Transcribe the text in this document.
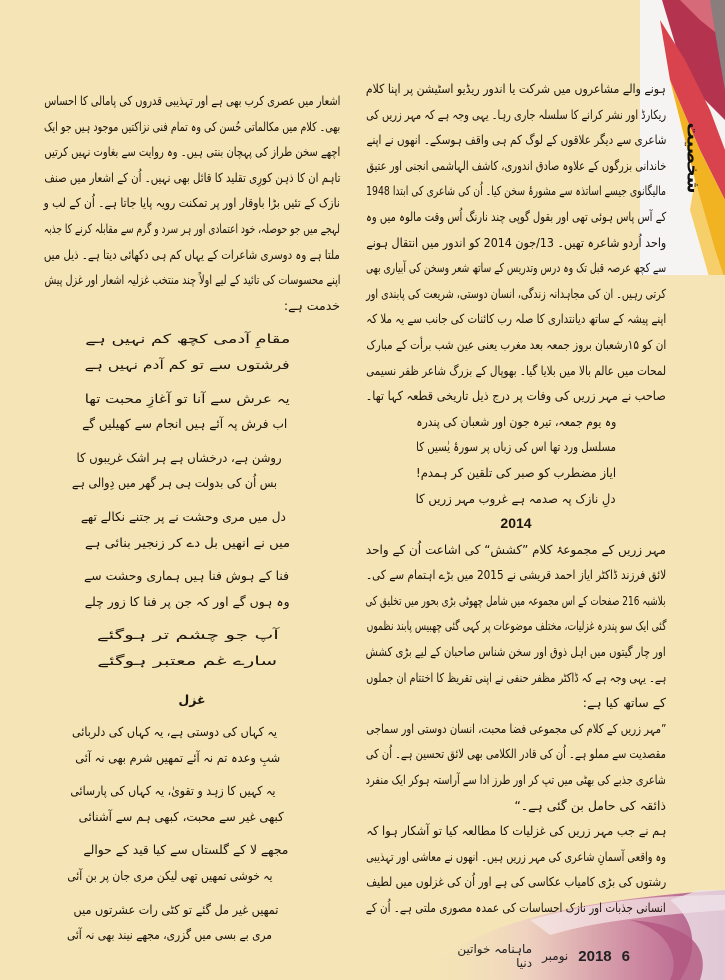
شخصیت
ہونے والے مشاعروں میں شرکت یا اندور ریڈیو اسٹیشن پر اپنا کلام
ریکارڈ اور نشر کرانے کا سلسلہ جاری رہا۔ یہی وجہ ہے کہ مہر زریں کی
شاعری سے دیگر علاقوں کے لوگ کم ہی واقف ہوسکے۔ انھوں نے اپنے
خاندانی بزرگوں کے علاوہ صادق اندوری، کاشف الہاشمی انجنی اور عتیق
مالیگانوی جیسے اساتذہ سے مشورۂ سخن کیا۔ اُن کی شاعری کی ابتدا 1948
کے آس پاس ہوئی تھی اور بقول گوپی چند نارنگ اُس وقت مالوہ میں وہ
واحد اُردو شاعرہ تھیں۔ 13/جون 2014 کو اندور میں انتقال ہونے
سے کچھ عرصہ قبل تک وہ درس وتدریس کے ساتھ شعر وسخن کی آبیاری بھی
کرتی رہیں۔ ان کی مجاہدانہ زندگی، انسان دوستی، شریعت کی پابندی اور
اپنے پیشہ کے ساتھ دیانتداری کا صلہ رب کائنات کی جانب سے یہ ملا کہ
ان کو ۱۵رشعبان بروز جمعہ بعد مغرب یعنی عین شب برأت کے مبارک
لمحات میں عالم بالا میں بلایا گیا۔ بھوپال کے بزرگ شاعر ظفر نسیمی
صاحب نے مہر زریں کی وفات پر درج ذیل تاریخی قطعہ کہا تھا۔
وہ یوم جمعہ، تیرہ جون اور شعبان کی پندرہ
مسلسل ورد تھا اس کی زباں پر سورۂ یٰسیں کا
ایاز مضطرب کو صبر کی تلقین کر ہمدم!
دلِ نازک پہ صدمہ ہے غروب مہر زریں کا
2014
مہر زریں کے مجموعۂ کلام ”کشش“ کی اشاعت اُن کے واحد
لائق فرزند ڈاکٹر ایاز احمد قریشی نے 2015 میں بڑے اہتمام سے کی۔
بلاشبہ 216 صفحات کے اس مجموعہ میں شامل چھوٹی بڑی بحور میں تخلیق کی
گئی ایک سو پندرہ غزلیات، مختلف موضوعات پر کہی گئی چھبیس پابند نظموں
اور چار گیتوں میں اہل ذوق اور سخن شناس صاحبان کے لیے بڑی کشش
ہے۔ یہی وجہ ہے کہ ڈاکٹر مظفر حنفی نے اپنی تقریظ کا اختتام ان جملوں
کے ساتھ کیا ہے:
”مہر زریں کے کلام کی مجموعی فضا محبت، انسان دوستی اور سماجی
مقصدیت سے مملو ہے۔ اُن کی قادر الکلامی بھی لائق تحسین ہے۔ اُن کی
شاعری جذبے کی بھٹی میں تپ کر اور طرز ادا سے آراستہ ہوکر ایک منفرد
ذائقہ کی حامل بن گئی ہے۔“
ہم نے جب مہر زریں کی غزلیات کا مطالعہ کیا تو آشکار ہوا کہ
وہ واقعی آسمانِ شاعری کی مہر زریں ہیں۔ انھوں نے معاشی اور تہذیبی
رشتوں کی بڑی کامیاب عکاسی کی ہے اور اُن کی غزلوں میں لطیف
انسانی جذبات اور نازک احساسات کی عمدہ مصوری ملتی ہے۔ اُن کے
اشعار میں عصری کرب بھی ہے اور تہذیبی قدروں کی پامالی کا احساس
بھی۔ کلام میں مکالماتی حُسن کی وہ تمام فنی نزاکتیں موجود ہیں جو ایک
اچھے سخن طراز کی پہچان بنتی ہیں۔ وہ روایت سے بغاوت نہیں کرتیں
تاہم ان کا ذہن کورِی تقلید کا قائل بھی نہیں۔ اُن کے اشعار میں صنف
نازک کے تئیں بڑا باوقار اور پر تمکنت رویہ پایا جاتا ہے۔ اُن کے لب و
لہجے میں جو حوصلہ، خود اعتمادی اور ہر سرد و گرم سے مقابلہ کرنے کا جذبہ
ملتا ہے وہ دوسری شاعرات کے یہاں کم ہی دکھائی دیتا ہے۔ ذیل میں
اپنے محسوسات کی تائید کے لیے اولاً چند منتخب غزلیہ اشعار اور غزل پیش
خدمت ہے:
مقامِ آدمی کچھ کم نہیں ہے
فرشتوں سے تو کم آدم نہیں ہے
یہ عرش سے آنا تو آغازِ محبت تھا
اب فرش پہ آئے ہیں انجام سے کھیلیں گے
روشن ہے، درخشاں ہے ہر اشک غریبوں کا
بس اُن کی بدولت ہی ہر گھر میں دِوالی ہے
دل میں مری وحشت نے پر جتنے نکالے تھے
میں نے انھیں بل دے کر زنجیر بنائی ہے
فنا کے ہوش فنا ہیں ہماری وحشت سے
وہ ہوں گے اور کہ جن پر فنا کا زور چلے
آپ جو چشم تر ہوگئے
سارے غم معتبر ہوگئے
غزل
یہ کہاں کی دوستی ہے، یہ کہاں کی دلربائی
شبِ وعدہ تم نہ آئے تمھیں شرم بھی نہ آئی
یہ کہیں کا زہد و تقویٰ، یہ کہاں کی پارسائی
کبھی غیر سے محبت، کبھی ہم سے آشنائی
مجھے لا کے گلستاں سے کیا قید کے حوالے
یہ خوشی تمھیں تھی لیکن مری جان پر بن آئی
تمھیں غیر مل گئے تو کٹی رات عشرتوں میں
مری بے بسی میں گزری، مجھے نیند بھی نہ آئی
6
2018
نومبر
ماہنامہ خواتین دنیا
